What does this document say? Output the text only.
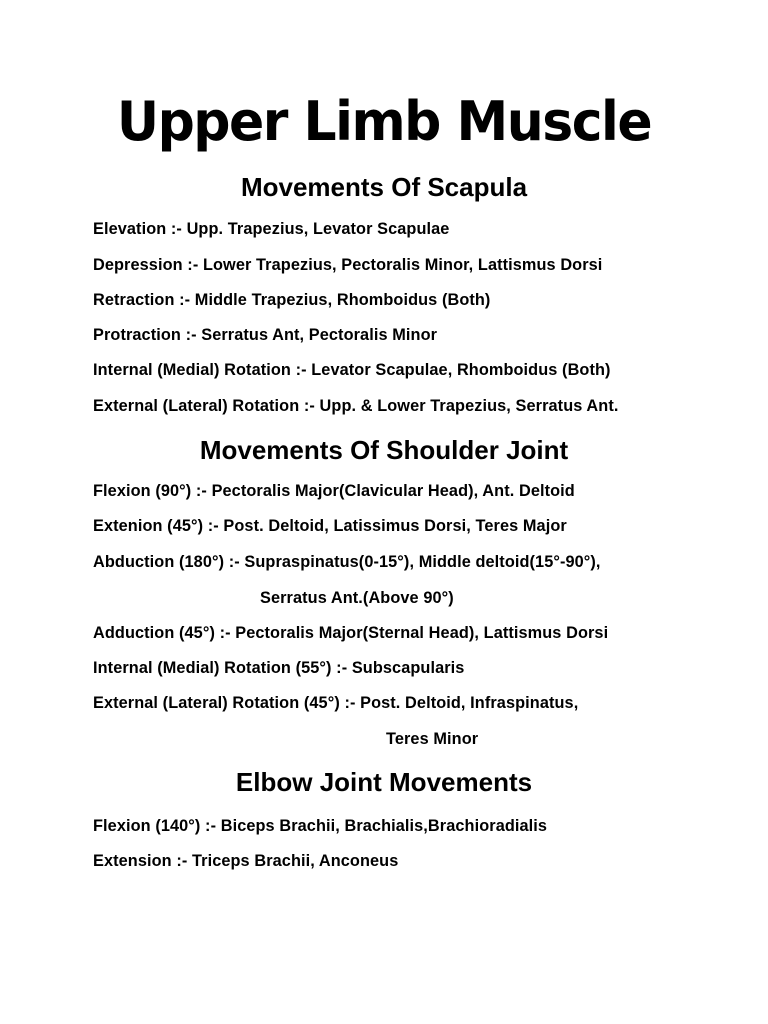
Upper Limb Muscle
Movements Of Scapula
Elevation :- Upp. Trapezius, Levator Scapulae
Depression :- Lower Trapezius, Pectoralis Minor, Lattismus Dorsi
Retraction :- Middle Trapezius, Rhomboidus (Both)
Protraction :- Serratus Ant, Pectoralis Minor
Internal (Medial) Rotation :- Levator Scapulae, Rhomboidus (Both)
External (Lateral) Rotation :- Upp. & Lower Trapezius, Serratus Ant.
Movements Of Shoulder Joint
Flexion (90°) :- Pectoralis Major(Clavicular Head), Ant. Deltoid
Extenion (45°) :- Post. Deltoid, Latissimus Dorsi, Teres Major
Abduction (180°) :- Supraspinatus(0-15°), Middle deltoid(15°-90°),
Serratus Ant.(Above 90°)
Adduction (45°) :- Pectoralis Major(Sternal Head), Lattismus Dorsi
Internal (Medial) Rotation (55°) :- Subscapularis
External (Lateral) Rotation (45°) :- Post. Deltoid, Infraspinatus,
Teres Minor
Elbow Joint Movements
Flexion (140°) :- Biceps Brachii, Brachialis,Brachioradialis
Extension :- Triceps Brachii, Anconeus
